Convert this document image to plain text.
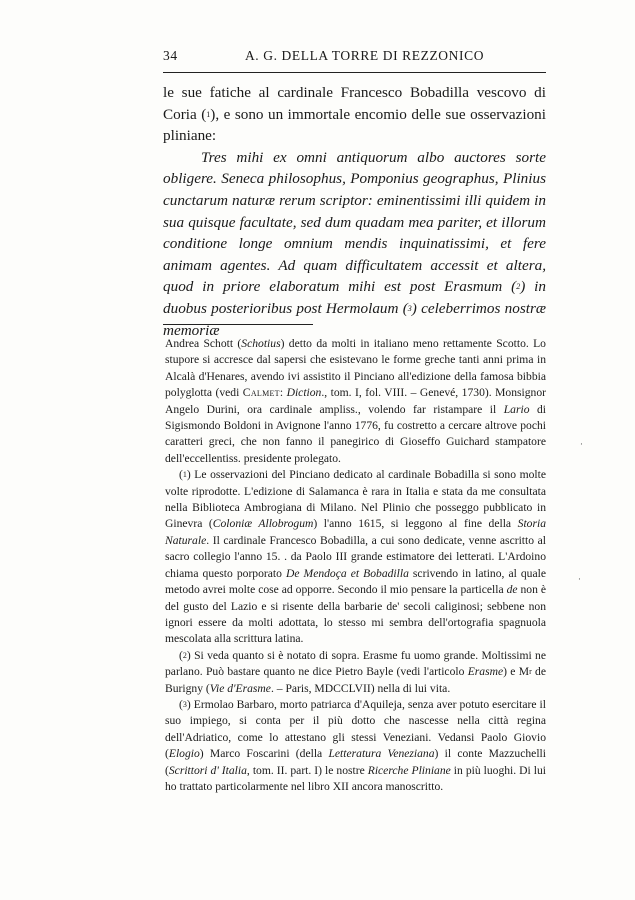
34	A. G. DELLA TORRE DI REZZONICO

le sue fatiche al cardinale Francesco Bobadilla vescovo di Coria ($^1$), e sono un immortale encomio delle sue osservazioni pliniane:

Tres mihi ex omni antiquorum albo auctores sorte obligere. Seneca philosophus, Pomponius geographus, Plinius cunctarum naturæ rerum scriptor: eminentissimi illi quidem in sua quisque facultate, sed dum quadam mea pariter, et illorum conditione longe omnium mendis inquinatissimi, et fere animam agentes. Ad quam difficultatem accessit et altera, quod in priore elaboratum mihi est post Erasmum ($^2$) in duobus posterioribus post Hermolaum ($^3$) celeberrimos nostræ memoriæ

Andrea Schott (Schotius) detto da molti in italiano meno rettamente Scotto. Lo stupore si accresce dal sapersi che esistevano le forme greche tanti anni prima in Alcalà d'Henares, avendo ivi assistito il Pinciano all'edizione della famosa bibbia polyglotta (vedi Calmet: Diction., tom. I, fol. VIII. – Genevé, 1730). Monsignor Angelo Durini, ora cardinale ampliss., volendo far ristampare il Lario di Sigismondo Boldoni in Avignone l'anno 1776, fu costretto a cercare altrove pochi caratteri greci, che non fanno il panegirico di Gioseffo Guichard stampatore dell'eccellentiss. presidente prolegato.

($^1$) Le osservazioni del Pinciano dedicato al cardinale Bobadilla si sono molte volte riprodotte. L'edizione di Salamanca è rara in Italia e stata da me consultata nella Biblioteca Ambrogiana di Milano. Nel Plinio che posseggo pubblicato in Ginevra (Coloniæ Allobrogum) l'anno 1615, si leggono al fine della Storia Naturale. Il cardinale Francesco Bobadilla, a cui sono dedicate, venne ascritto al sacro collegio l'anno 15. . da Paolo III grande estimatore dei letterati. L'Ardoino chiama questo porporato De Mendoça et Bobadilla scrivendo in latino, al quale metodo avrei molte cose ad opporre. Secondo il mio pensare la particella de non è del gusto del Lazio e si risente della barbarie de' secoli caliginosi; sebbene non ignori essere da molti adottata, lo stesso mi sembra dell'ortografia spagnuola mescolata alla scrittura latina.

($^2$) Si veda quanto si è notato di sopra. Erasme fu uomo grande. Moltissimi ne parlano. Può bastare quanto ne dice Pietro Bayle (vedi l'articolo Erasme) e $M^r$ de Burigny (Vie d'Erasme. – Paris, MDCCLVII) nella di lui vita.

($^3$) Ermolao Barbaro, morto patriarca d'Aquileja, senza aver potuto esercitare il suo impiego, si conta per il più dotto che nascesse nella città regina dell'Adriatico, come lo attestano gli stessi Veneziani. Vedansi Paolo Giovio (Elogio) Marco Foscarini (della Letteratura Veneziana) il conte Mazzuchelli (Scrittori d' Italia, tom. II. part. I) le nostre Ricerche Pliniane in più luoghi. Di lui ho trattato particolarmente nel libro XII ancora manoscritto.

·
·
